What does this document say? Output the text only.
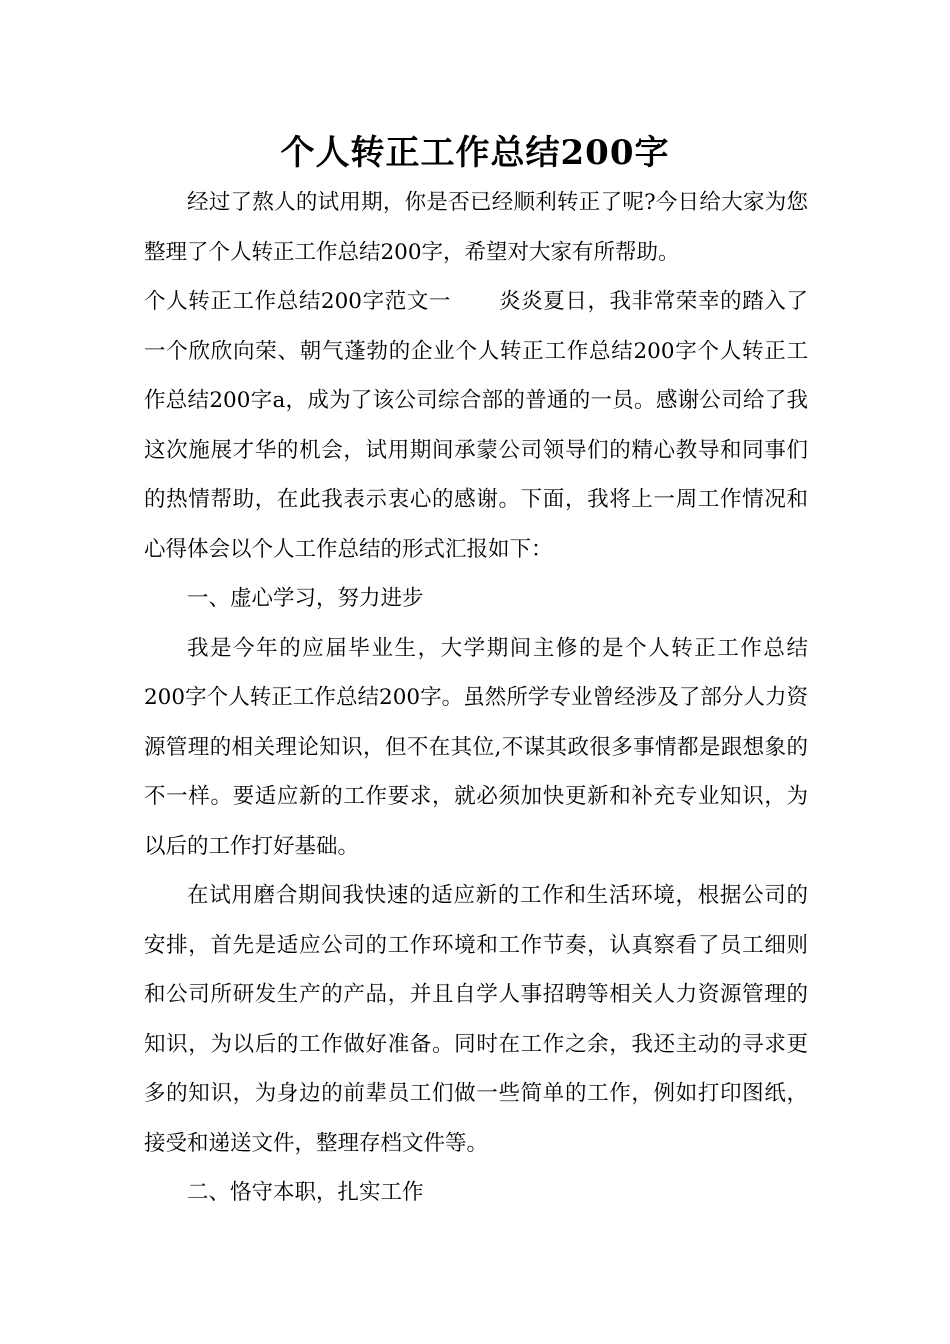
个人转正工作总结200字

经过了熬人的试用期，你是否已经顺利转正了呢?今日给大家为您整理了个人转正工作总结200字，希望对大家有所帮助。

个人转正工作总结200字范文一 炎炎夏日，我非常荣幸的踏入了一个欣欣向荣、朝气蓬勃的企业个人转正工作总结200字个人转正工作总结200字a，成为了该公司综合部的普通的一员。感谢公司给了我这次施展才华的机会，试用期间承蒙公司领导们的精心教导和同事们的热情帮助，在此我表示衷心的感谢。下面，我将上一周工作情况和心得体会以个人工作总结的形式汇报如下：

一、虚心学习，努力进步

我是今年的应届毕业生，大学期间主修的是个人转正工作总结200字个人转正工作总结200字。虽然所学专业曾经涉及了部分人力资源管理的相关理论知识，但不在其位,不谋其政很多事情都是跟想象的不一样。要适应新的工作要求，就必须加快更新和补充专业知识，为以后的工作打好基础。

在试用磨合期间我快速的适应新的工作和生活环境，根据公司的安排，首先是适应公司的工作环境和工作节奏，认真察看了员工细则和公司所研发生产的产品，并且自学人事招聘等相关人力资源管理的知识，为以后的工作做好准备。同时在工作之余，我还主动的寻求更多的知识，为身边的前辈员工们做一些简单的工作，例如打印图纸，接受和递送文件，整理存档文件等。

二、恪守本职，扎实工作
